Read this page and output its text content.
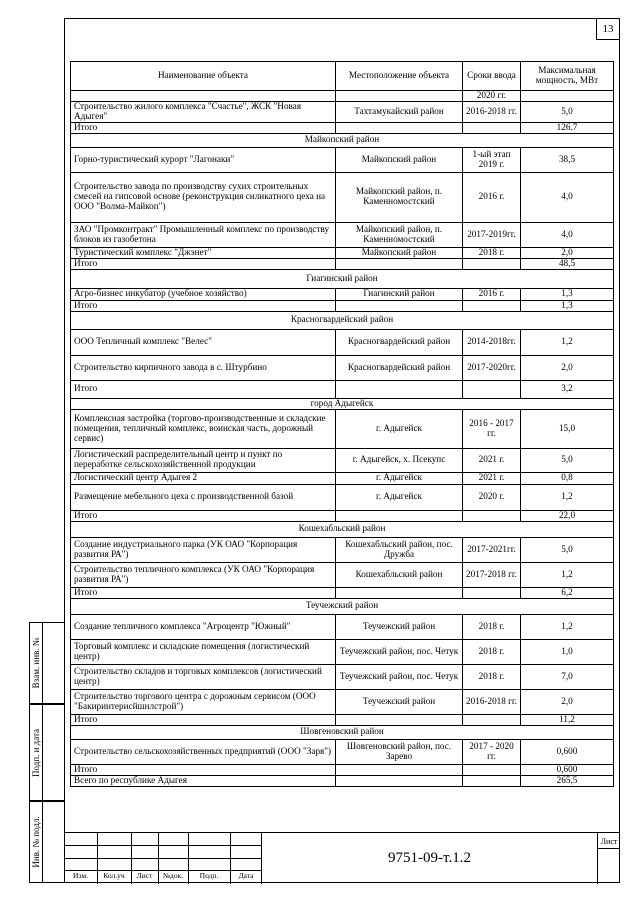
13
Наименование объекта	Местоположение объекта	Сроки ввода	Максимальная мощность, МВт
		2020 гг.	
Строительство жилого комплекса "Счастье", ЖСК "Новая Адыгея"	Тахтамукайский район	2016-2018 гг.	5,0
Итого			126.7
Майкопский район			
Горно-туристический курорт "Лагонаки"	Майкопский район	1-ый этап 2019 г.	38,5
Строительство завода по производству сухих строительных смесей на гипсовой основе (реконструкция силикатного цеха на ООО "Волма-Майкоп")	Майкопский район, п. Каменномостский	2016 г.	4,0
ЗАО "Промконтракт" Промышленный комплекс по производству блоков из газобетона	Майкопский район, п. Каменномостский	2017-2019гг.	4,0
Туристический комплекс "Джэнет"	Майкопский район	2018 г.	2,0
Итого			48,5
Гиагинский район			
Агро-бизнес инкубатор (учебное хозяйство)	Гиагинский район	2016 г.	1,3
Итого			1,3
Красногвардейский район			
ООО Тепличный комплекс "Велес"	Красногвардейский район	2014-2018гг.	1,2
Строительство кирпичного завода в с. Штурбино	Красногвардейский район	2017-2020гг.	2,0
Итого			3,2
город Адыгейск			
Комплексная застройка (торгово-производственные и складские помещения, тепличный комплекс, воинская часть, дорожный сервис)	г. Адыгейск	2016 - 2017 гг.	15,0
Логистический распределительный центр и пункт по переработке сельскохозяйственной продукции	г. Адыгейск, х. Псекупс	2021 г.	5,0
Логистический центр Адыгея 2	г. Адыгейск	2021 г.	0,8
Размещение мебельного цеха с производственной базой	г. Адыгейск	2020 г.	1,2
Итого			22,0
Кошехабльский район			
Создание индустриального парка (УК ОАО "Корпорация развития РА")	Кошехабльский район, пос. Дружба	2017-2021гг.	5,0
Строительство тепличного комплекса (УК ОАО "Корпорация развития РА")	Кошехабльский район	2017-2018 гг.	1,2
Итого			6,2
Теучежский район			
Создание тепличного комплекса "Агроцентр "Южный"	Теучежский район	2018 г.	1,2
Торговый комплекс и складские помещения (логистический центр)	Теучежский район, пос. Четук	2018 г.	1,0
Строительство складов и торговых комплексов (логистический центр)	Теучежский район, пос. Четук	2018 г.	7,0
Строительство торгового центра с дорожным сервисом (ООО "Бакиринтерисйшнлстрой")	Теучежский район	2016-2018 гг.	2,0
Итого			11,2
Шовгеновский район			
Строительство сельскохозяйственных предприятий (ООО "Заря")	Шовгеновский район, пос. Зарево	2017 - 2020 гг.	0,600
Итого			0,600
Всего по республике Адыгея			265,5
Взам. инв. №
Подп. и дата
Инв. № подл.
Изм.	Кол.уч	Лист	№док.	Подп.	Дата
9751-09-т.1.2
Лист
